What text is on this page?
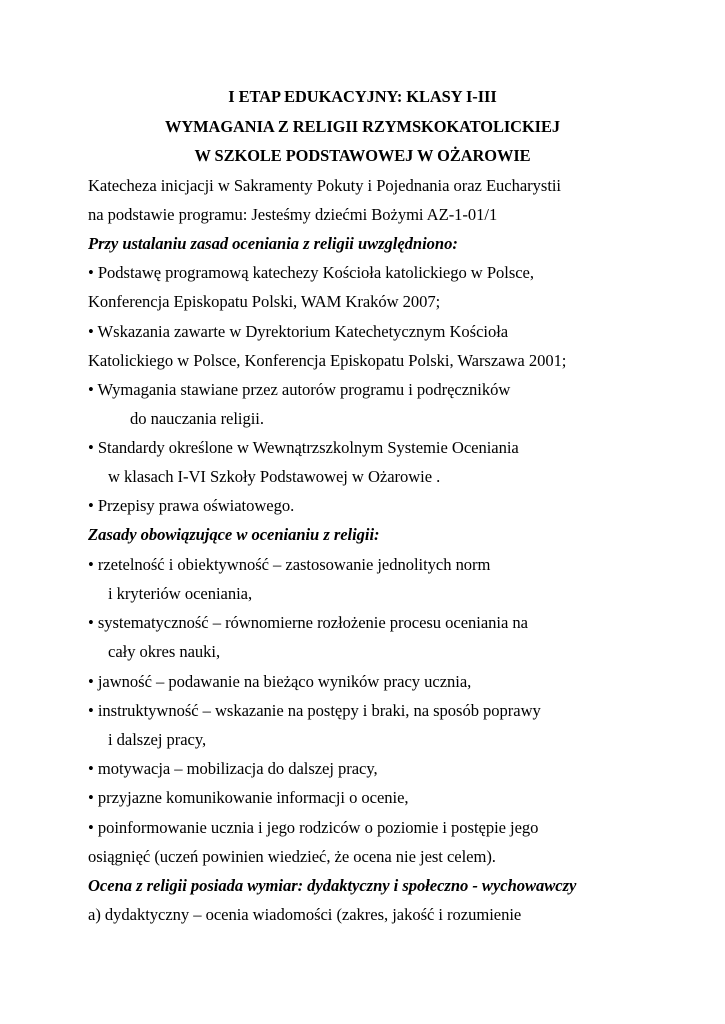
I ETAP EDUKACYJNY: KLASY I-III
WYMAGANIA Z RELIGII RZYMSKOKATOLICKIEJ
W SZKOLE PODSTAWOWEJ W OŻAROWIE
Katecheza inicjacji w Sakramenty Pokuty i Pojednania oraz Eucharystii
na podstawie programu: Jesteśmy dziećmi Bożymi AZ-1-01/1
Przy ustalaniu zasad oceniania z religii uwzględniono:
• Podstawę programową katechezy Kościoła katolickiego w Polsce,
Konferencja Episkopatu Polski, WAM Kraków 2007;
• Wskazania zawarte w Dyrektorium Katechetycznym Kościoła
Katolickiego w Polsce, Konferencja Episkopatu Polski, Warszawa 2001;
• Wymagania stawiane przez autorów programu i podręczników
do nauczania religii.
• Standardy określone w Wewnątrzszkolnym Systemie Oceniania
w klasach I-VI Szkoły Podstawowej w Ożarowie .
• Przepisy prawa oświatowego.
Zasady obowiązujące w ocenianiu z religii:
• rzetelność i obiektywność – zastosowanie jednolitych norm
i kryteriów oceniania,
• systematyczność – równomierne rozłożenie procesu oceniania na
cały okres nauki,
• jawność – podawanie na bieżąco wyników pracy ucznia,
• instruktywność – wskazanie na postępy i braki, na sposób poprawy
i dalszej pracy,
• motywacja – mobilizacja do dalszej pracy,
• przyjazne komunikowanie informacji o ocenie,
• poinformowanie ucznia i jego rodziców o poziomie i postępie jego
osiągnięć (uczeń powinien wiedzieć, że ocena nie jest celem).
Ocena z religii posiada wymiar: dydaktyczny i społeczno - wychowawczy
a) dydaktyczny – ocenia wiadomości (zakres, jakość i rozumienie
